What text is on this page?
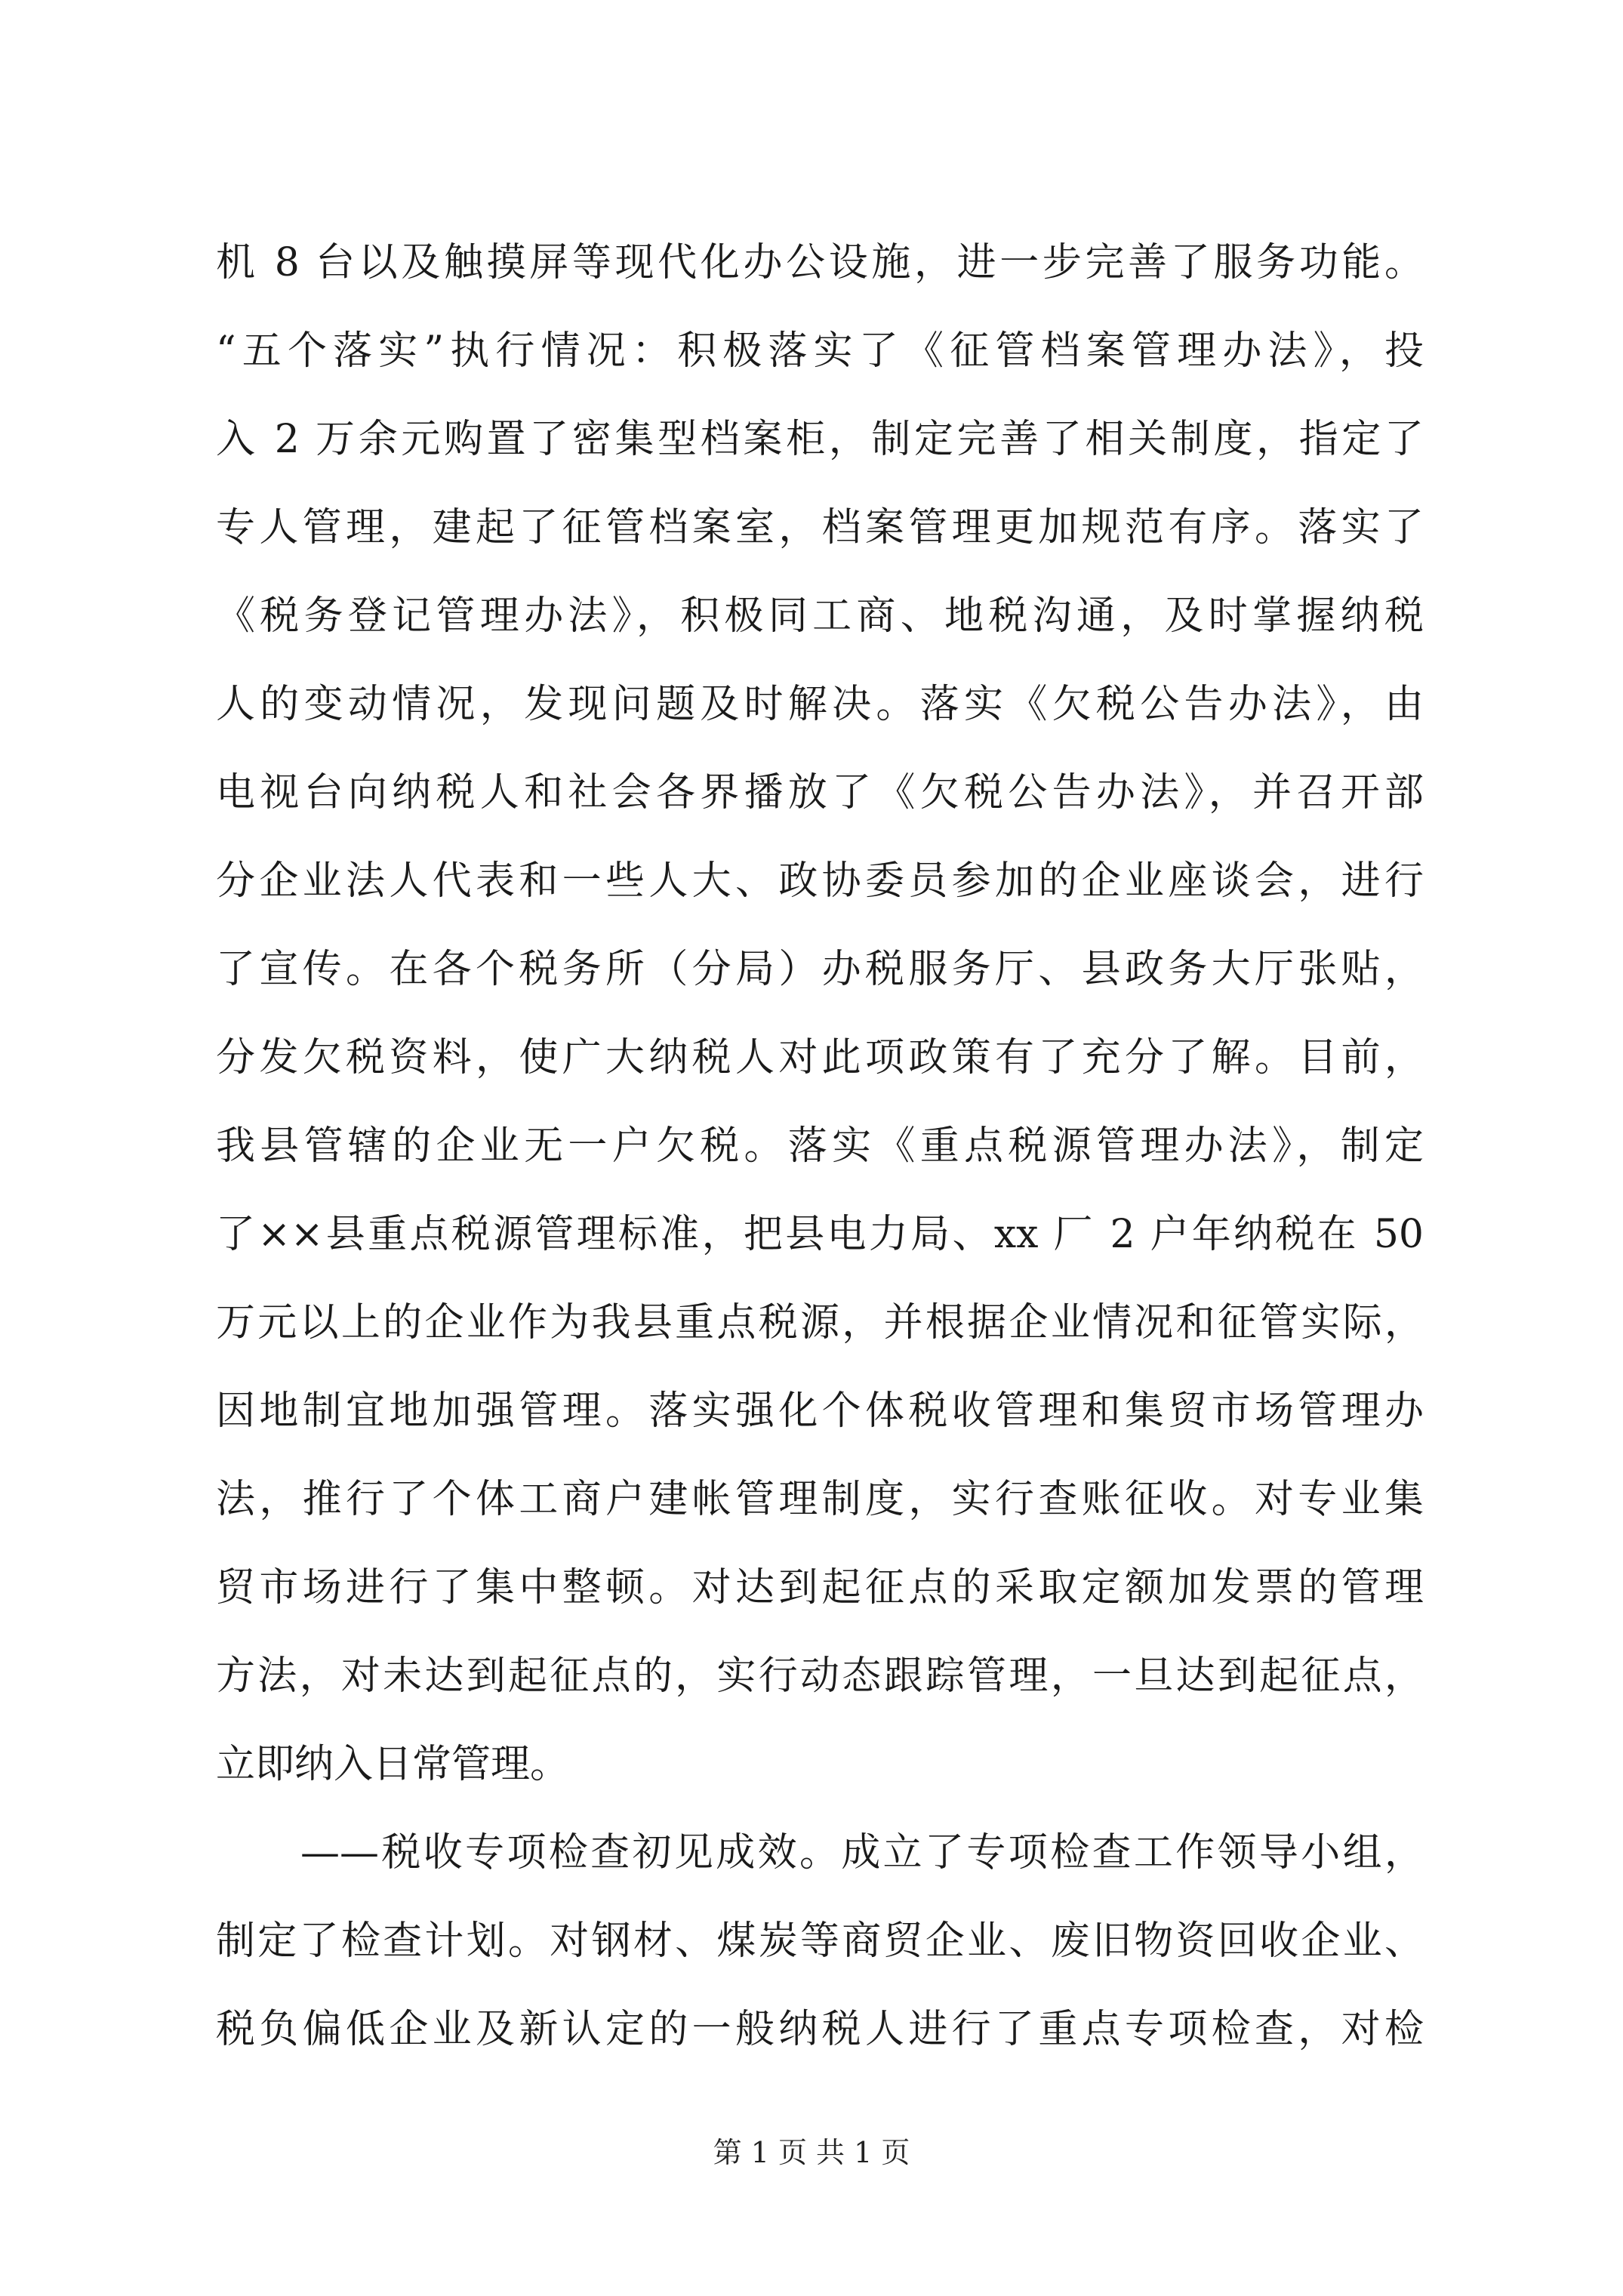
机 8 台以及触摸屏等现代化办公设施，进一步完善了服务功能。
“五个落实”执行情况：积极落实了《征管档案管理办法》，投
入 2 万余元购置了密集型档案柜，制定完善了相关制度，指定了
专人管理，建起了征管档案室，档案管理更加规范有序。落实了
《税务登记管理办法》，积极同工商、地税沟通，及时掌握纳税
人的变动情况，发现问题及时解决。落实《欠税公告办法》，由
电视台向纳税人和社会各界播放了《欠税公告办法》，并召开部
分企业法人代表和一些人大、政协委员参加的企业座谈会，进行
了宣传。在各个税务所（分局）办税服务厅、县政务大厅张贴，
分发欠税资料，使广大纳税人对此项政策有了充分了解。目前，
我县管辖的企业无一户欠税。落实《重点税源管理办法》，制定
了××县重点税源管理标准，把县电力局、xx 厂 2 户年纳税在 50
万元以上的企业作为我县重点税源，并根据企业情况和征管实际，
因地制宜地加强管理。落实强化个体税收管理和集贸市场管理办
法，推行了个体工商户建帐管理制度，实行查账征收。对专业集
贸市场进行了集中整顿。对达到起征点的采取定额加发票的管理
方法，对未达到起征点的，实行动态跟踪管理，一旦达到起征点，
立即纳入日常管理。
——税收专项检查初见成效。成立了专项检查工作领导小组，
制定了检查计划。对钢材、煤炭等商贸企业、废旧物资回收企业、
税负偏低企业及新认定的一般纳税人进行了重点专项检查，对检
第 1 页 共 1 页
